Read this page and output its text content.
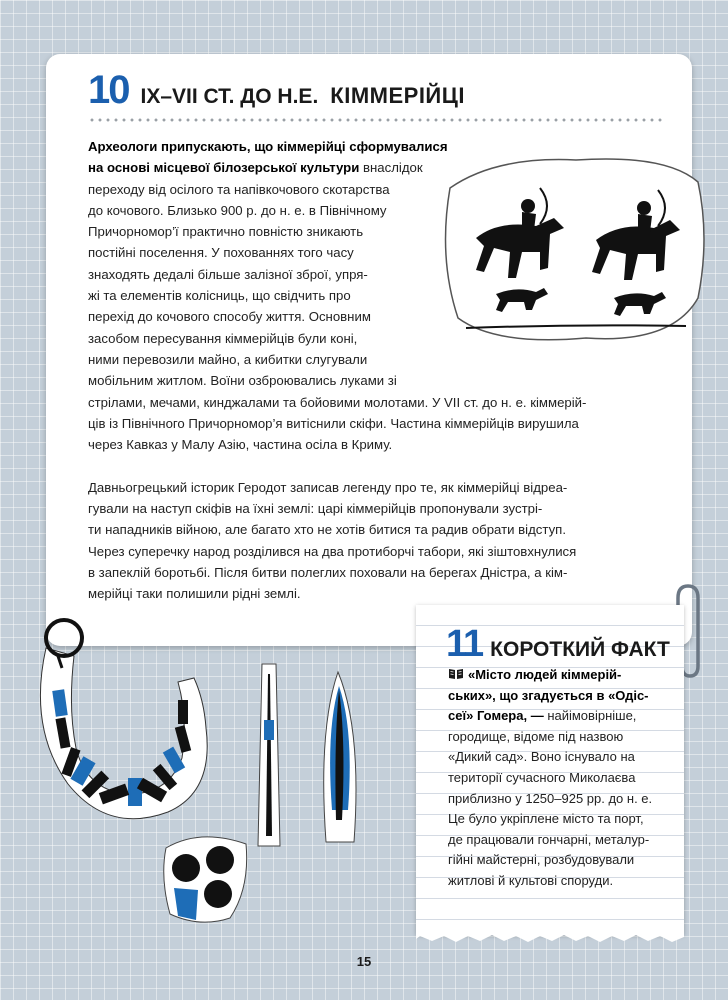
10 IX–VII СТ. ДО Н.Е. КІММЕРІЙЦІ
Археологи припускають, що кіммерійці сформувалися
на основі місцевої білозерської культури внаслідок
переходу від осілого та напівкочового скотарства
до кочового. Близько 900 р. до н. е. в Північному
Причорномор’ї практично повністю зникають
постійні поселення. У похованнях того часу
знаходять дедалі більше залізної зброї, упря-
жі та елементів колісниць, що свідчить про
перехід до кочового способу життя. Основним
засобом пересування кіммерійців були коні,
ними перевозили майно, а кибитки слугували
мобільним житлом. Воїни озброювались луками зі
стрілами, мечами, кинджалами та бойовими молотами. У VII ст. до н. е. кіммерій-
ців із Північного Причорномор’я витіснили скіфи. Частина кіммерійців вирушила
через Кавказ у Малу Азію, частина осіла в Криму.
Давньогрецький історик Геродот записав легенду про те, як кіммерійці відреа-
гували на наступ скіфів на їхні землі: царі кіммерійців пропонували зустрі-
ти нападників війною, але багато хто не хотів битися та радив обрати відступ.
Через суперечку народ розділився на два протиборчі табори, які зіштовхнулися
в запеклій боротьбі. Після битви полеглих поховали на берегах Дністра, а кім-
мерійці таки полишили рідні землі.
11 КОРОТКИЙ ФАКТ
«Місто людей кіммерій-
ських», що згадується в «Одіс-
сеї» Гомера, — найімовірніше,
городище, відоме під назвою
«Дикий сад». Воно існувало на
території сучасного Миколаєва
приблизно у 1250–925 рр. до н. е.
Це було укріплене місто та порт,
де працювали гончарні, металур-
гійні майстерні, розбудовували
житлові й культові споруди.
15
